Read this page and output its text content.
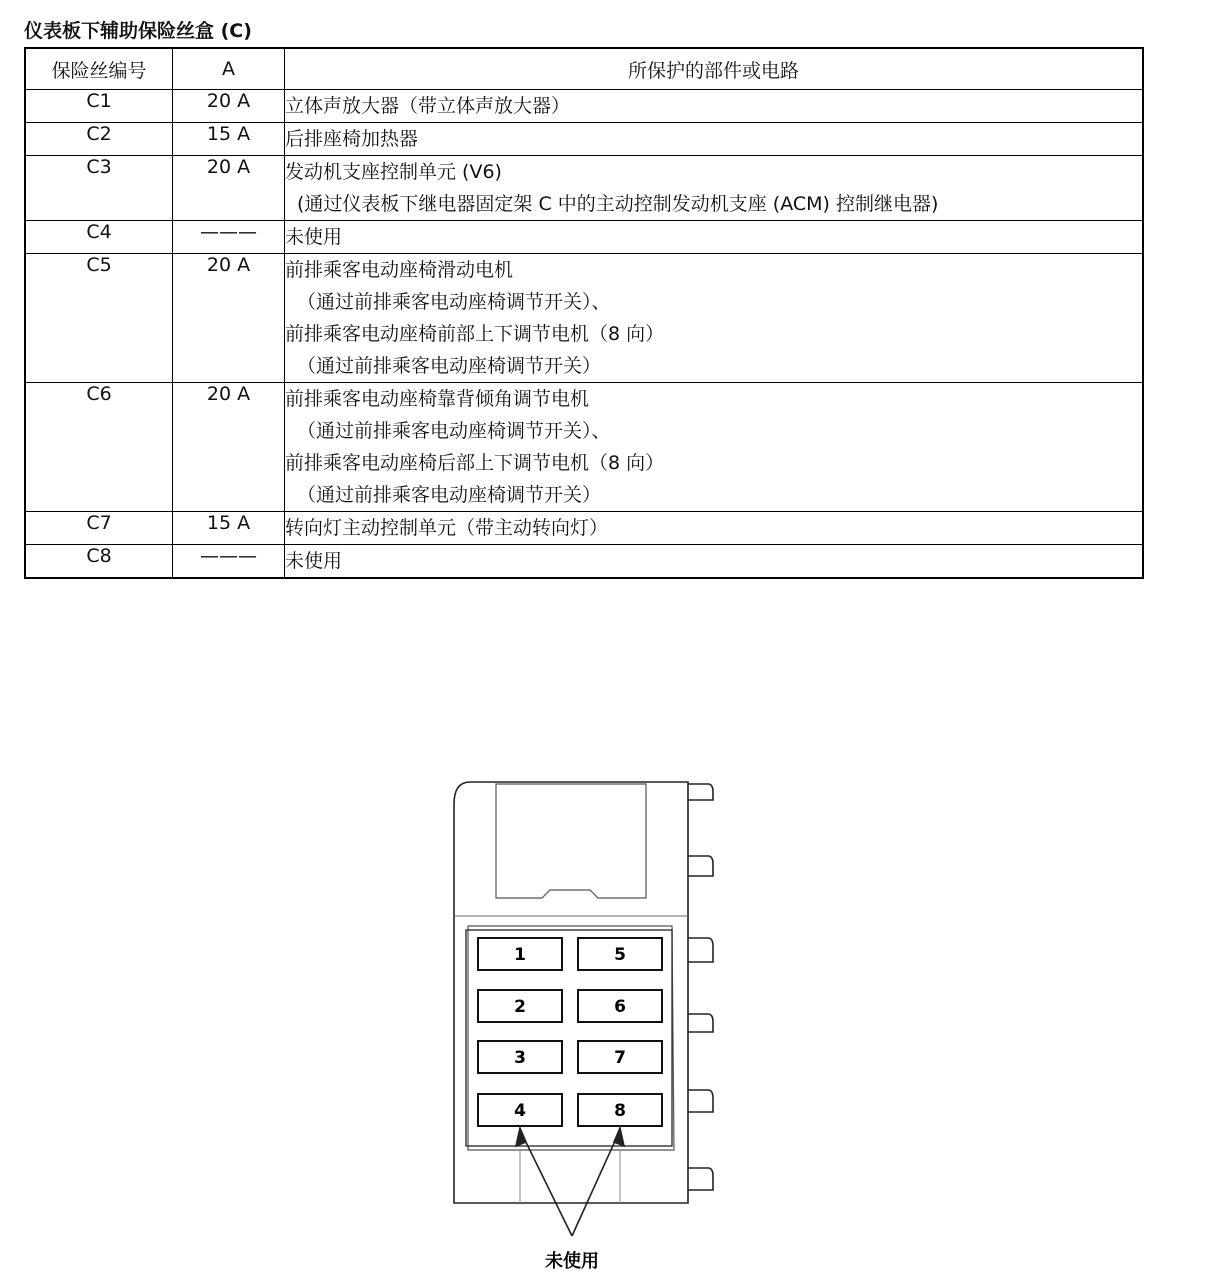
仪表板下辅助保险丝盒 (C)
保险丝编号	A	所保护的部件或电路
C1	20 A	立体声放大器（带立体声放大器）

C2	15 A	后排座椅加热器

C3	20 A	发动机支座控制单元 (V6)
(通过仪表板下继电器固定架 C 中的主动控制发动机支座 (ACM) 控制继电器)

C4	———	未使用

C5	20 A	前排乘客电动座椅滑动电机
（通过前排乘客电动座椅调节开关）、
前排乘客电动座椅前部上下调节电机（8 向）
（通过前排乘客电动座椅调节开关）

C6	20 A	前排乘客电动座椅靠背倾角调节电机
（通过前排乘客电动座椅调节开关）、
前排乘客电动座椅后部上下调节电机（8 向）
（通过前排乘客电动座椅调节开关）

C7	15 A	转向灯主动控制单元（带主动转向灯）

C8	———	未使用
1
2
3
4
5
6
7
8
未使用
